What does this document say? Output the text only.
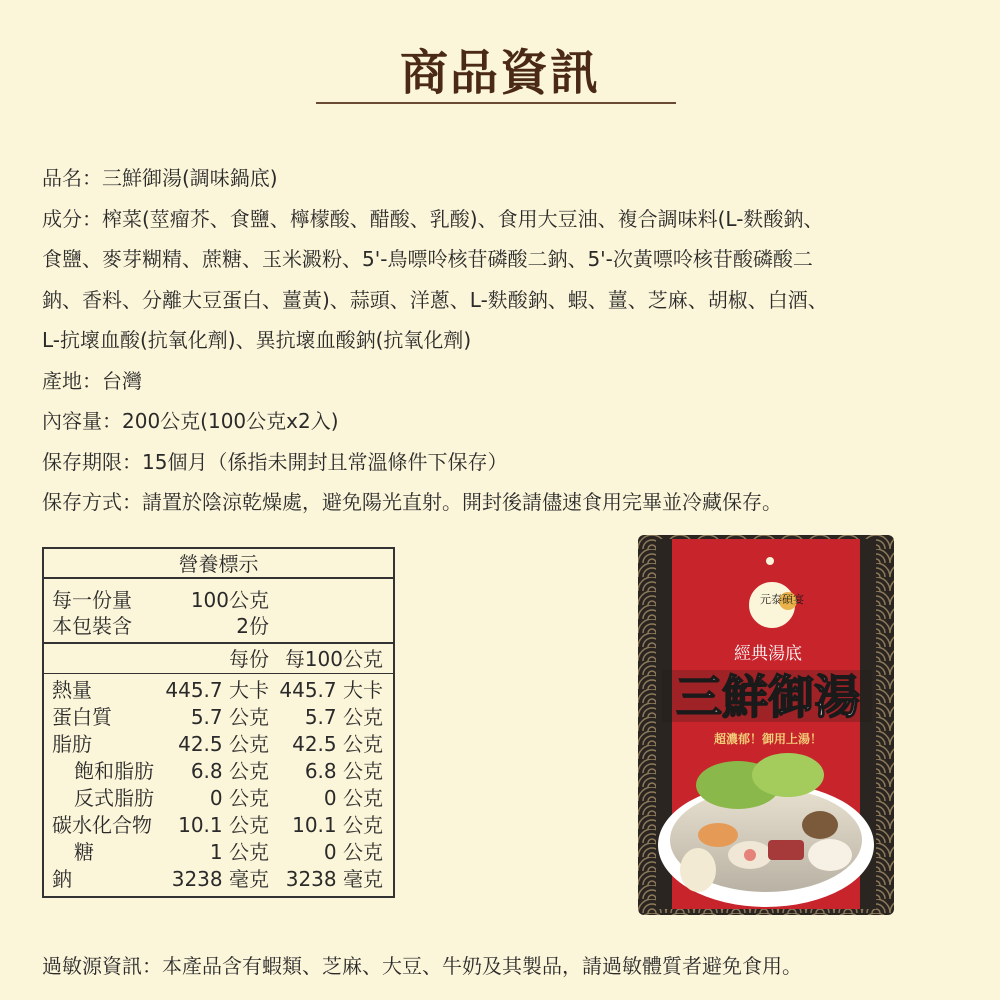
商品資訊
品名：三鮮御湯(調味鍋底)
成分：榨菜(莖瘤芥、食鹽、檸檬酸、醋酸、乳酸)、食用大豆油、複合調味料(L-麩酸鈉、
食鹽、麥芽糊精、蔗糖、玉米澱粉、5'-鳥嘌呤核苷磷酸二鈉、5'-次黃嘌呤核苷酸磷酸二
鈉、香料、分離大豆蛋白、薑黃)、蒜頭、洋蔥、L-麩酸鈉、蝦、薑、芝麻、胡椒、白酒、
L-抗壞血酸(抗氧化劑)、異抗壞血酸鈉(抗氧化劑)
產地：台灣
內容量：200公克(100公克x2入)
保存期限：15個月（係指未開封且常溫條件下保存）
保存方式：請置於陰涼乾燥處，避免陽光直射。開封後請儘速食用完畢並冷藏保存。
營養標示
每一份量	100公克
本包裝含	2份
每份 每100公克
熱量	445.7 大卡 445.7 大卡
蛋白質	5.7 公克 5.7 公克
脂肪	42.5 公克 42.5 公克
飽和脂肪 6.8 公克 6.8 公克
反式脂肪	0 公克	0 公克
碳水化合物 10.1 公克 10.1 公克
糖	1 公克	0 公克
鈉	3238 毫克 3238 毫克
元泰碩宴
經典湯底
三鮮御湯
超濃郁！御用上湯！
過敏源資訊：本產品含有蝦類、芝麻、大豆、牛奶及其製品，請過敏體質者避免食用。
